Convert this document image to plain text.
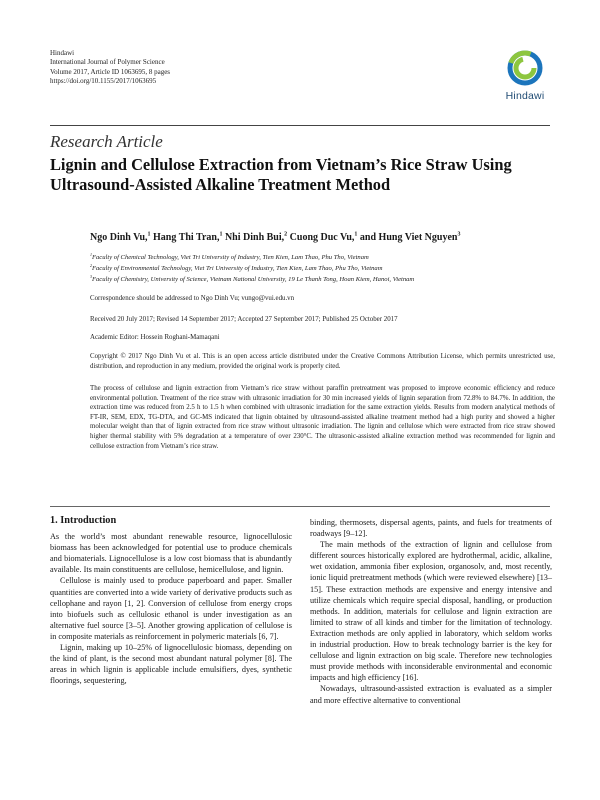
Hindawi
International Journal of Polymer Science
Volume 2017, Article ID 1063695, 8 pages
https://doi.org/10.1155/2017/1063695
Hindawi
Research Article
Lignin and Cellulose Extraction from Vietnam’s Rice Straw Using Ultrasound-Assisted Alkaline Treatment Method
Ngo Dinh Vu,$^1$ Hang Thi Tran,$^1$ Nhi Dinh Bui,$^2$ Cuong Duc Vu,$^1$ and Hung Viet Nguyen$^3$
$^1$Faculty of Chemical Technology, Viet Tri University of Industry, Tien Kien, Lam Thao, Phu Tho, Vietnam
$^2$Faculty of Environmental Technology, Viet Tri University of Industry, Tien Kien, Lam Thao, Phu Tho, Vietnam
$^3$Faculty of Chemistry, University of Science, Vietnam National University, 19 Le Thanh Tong, Hoan Kiem, Hanoi, Vietnam
Correspondence should be addressed to Ngo Dinh Vu; vungo@vui.edu.vn
Received 20 July 2017; Revised 14 September 2017; Accepted 27 September 2017; Published 25 October 2017
Academic Editor: Hossein Roghani-Mamaqani
Copyright © 2017 Ngo Dinh Vu et al. This is an open access article distributed under the Creative Commons Attribution License, which permits unrestricted use, distribution, and reproduction in any medium, provided the original work is properly cited.
The process of cellulose and lignin extraction from Vietnam’s rice straw without paraffin pretreatment was proposed to improve economic efficiency and reduce environmental pollution. Treatment of the rice straw with ultrasonic irradiation for 30 min increased yields of lignin separation from 72.8% to 84.7%. In addition, the extraction time was reduced from 2.5 h to 1.5 h when combined with ultrasonic irradiation for the same extraction yields. Results from modern analytical methods of FT-IR, SEM, EDX, TG-DTA, and GC-MS indicated that lignin obtained by ultrasound-assisted alkaline treatment method had a high purity and showed a higher molecular weight than that of lignin extracted from rice straw without ultrasonic irradiation. The lignin and cellulose which were extracted from rice straw showed higher thermal stability with 5% degradation at a temperature of over 230°C. The ultrasonic-assisted alkaline extraction method was recommended for lignin and cellulose extraction from Vietnam’s rice straw.
1. Introduction

As the world’s most abundant renewable resource, lignocellulosic biomass has been acknowledged for potential use to produce chemicals and biomaterials. Lignocellulose is a low cost biomass that is abundantly available. Its main constituents are cellulose, hemicellulose, and lignin.

Cellulose is mainly used to produce paperboard and paper. Smaller quantities are converted into a wide variety of derivative products such as cellophane and rayon [1, 2]. Conversion of cellulose from energy crops into biofuels such as cellulosic ethanol is under investigation as an alternative fuel source [3–5]. Another growing application of cellulose is in composite materials as reinforcement in polymeric materials [6, 7].

Lignin, making up 10–25% of lignocellulosic biomass, depending on the kind of plant, is the second most abundant natural polymer [8]. The areas in which lignin is applicable include emulsifiers, dyes, synthetic floorings, sequestering,

binding, thermosets, dispersal agents, paints, and fuels for treatments of roadways [9–12].

The main methods of the extraction of lignin and cellulose from different sources historically explored are hydrothermal, acidic, alkaline, wet oxidation, ammonia fiber explosion, organosolv, and, most recently, ionic liquid pretreatment methods (which were reviewed elsewhere) [13–15]. These extraction methods are expensive and energy intensive and utilize chemicals which require special disposal, handling, or production methods. In addition, materials for cellulose and lignin extraction are limited to straw of all kinds and timber for the limitation of technology. Extraction methods are only applied in laboratory, which seldom works in industrial production. How to break technology barrier is the key for cellulose and lignin extraction on big scale. Therefore new technologies must provide methods with inconsiderable environmental and economic impacts and high efficiency [16].

Nowadays, ultrasound-assisted extraction is evaluated as a simpler and more effective alternative to conventional
